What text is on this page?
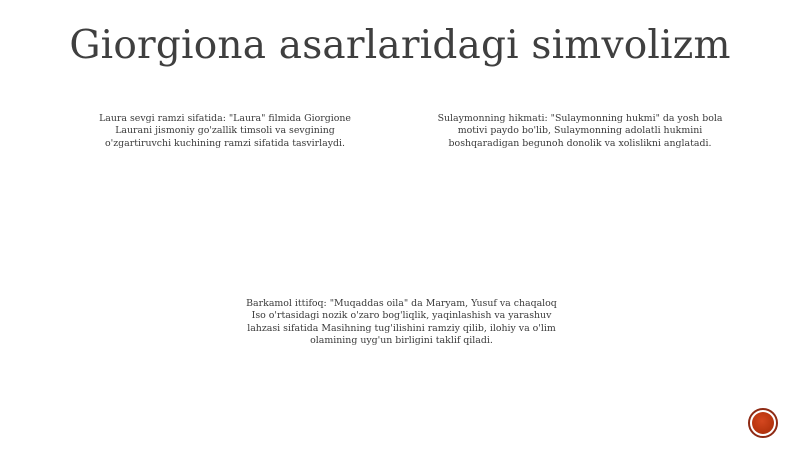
Giorgiona asarlaridagi simvolizm
Laura sevgi ramzi sifatida: "Laura" filmida Giorgione Laurani jismoniy go'zallik timsoli va sevgining o'zgartiruvchi kuchining ramzi sifatida tasvirlaydi.
Sulaymonning hikmati: "Sulaymonning hukmi" da yosh bola motivi paydo bo'lib, Sulaymonning adolatli hukmini boshqaradigan begunoh donolik va xolislikni anglatadi.
Barkamol ittifoq: "Muqaddas oila" da Maryam, Yusuf va chaqaloq Iso o'rtasidagi nozik o'zaro bog'liqlik, yaqinlashish va yarashuv lahzasi sifatida Masihning tug'ilishini ramziy qilib, ilohiy va o'lim olamining uyg'un birligini taklif qiladi.
